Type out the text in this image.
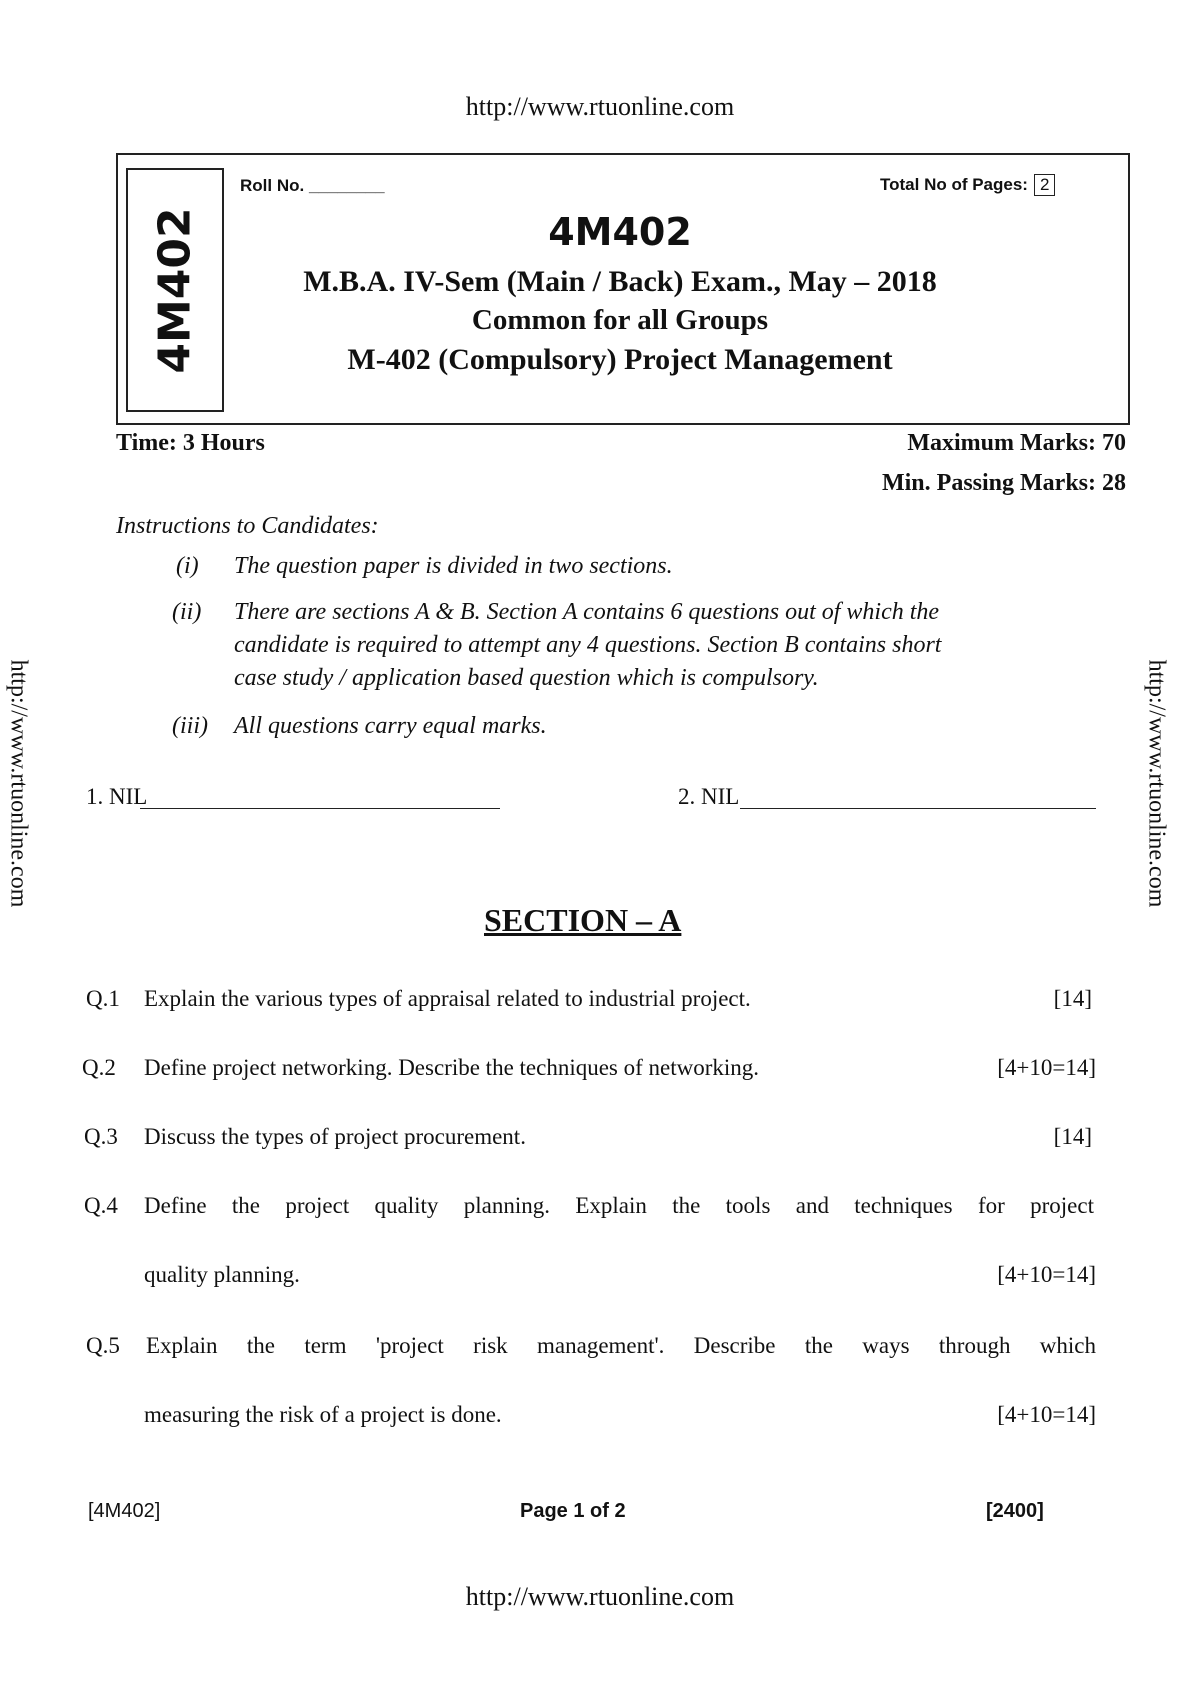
http://www.rtuonline.com
http://www.rtuonline.com	http://www.rtuonline.com
4M402
Roll No. ________	Total No of Pages: 2
4M402
M.B.A. IV-Sem (Main / Back) Exam., May – 2018
Common for all Groups
M-402 (Compulsory) Project Management
Time: 3 Hours	Maximum Marks: 70
Min. Passing Marks: 28
Instructions to Candidates:
(i) The question paper is divided in two sections.
(ii) There are sections A & B. Section A contains 6 questions out of which the
candidate is required to attempt any 4 questions. Section B contains short
case study / application based question which is compulsory.
(iii) All questions carry equal marks.
1. NIL	2. NIL
SECTION – A
Q.1 Explain the various types of appraisal related to industrial project.	[14]
Q.2 Define project networking. Describe the techniques of networking.	[4+10=14]
Q.3 Discuss the types of project procurement.	[14]
Q.4 Define the project quality planning. Explain the tools and techniques for project
quality planning.	[4+10=14]
Q.5 Explain the term 'project risk management'. Describe the ways through which
measuring the risk of a project is done.	[4+10=14]
[4M402]	Page 1 of 2	[2400]
http://www.rtuonline.com
